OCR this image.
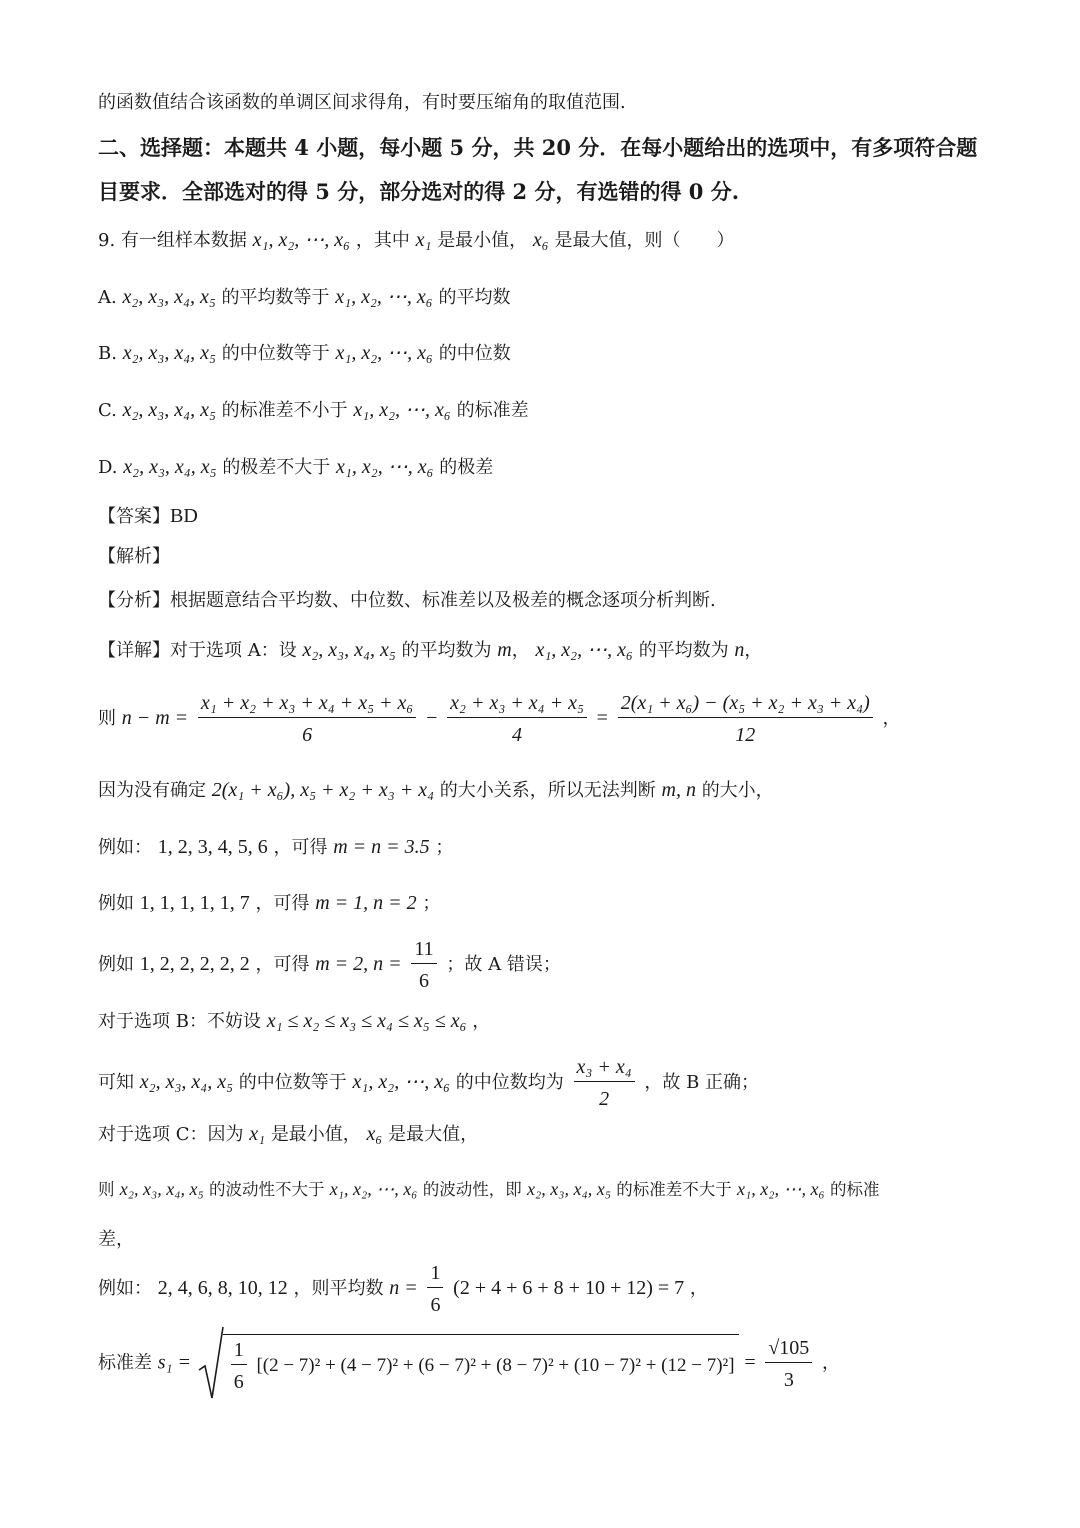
的函数值结合该函数的单调区间求得角，有时要压缩角的取值范围.
二、选择题：本题共 4 小题，每小题 5 分，共 20 分．在每小题给出的选项中，有多项符合题
目要求．全部选对的得 5 分，部分选对的得 2 分，有选错的得 0 分.
9. 有一组样本数据 x₁, x₂, ⋯, x₆ ，其中 x₁ 是最小值， x₆ 是最大值，则（　　）
A. x₂, x₃, x₄, x₅ 的平均数等于 x₁, x₂, ⋯, x₆ 的平均数
B. x₂, x₃, x₄, x₅ 的中位数等于 x₁, x₂, ⋯, x₆ 的中位数
C. x₂, x₃, x₄, x₅ 的标准差不小于 x₁, x₂, ⋯, x₆ 的标准差
D. x₂, x₃, x₄, x₅ 的极差不大于 x₁, x₂, ⋯, x₆ 的极差
【答案】BD
【解析】
【分析】根据题意结合平均数、中位数、标准差以及极差的概念逐项分析判断.
【详解】对于选项 A：设 x₂, x₃, x₄, x₅ 的平均数为 m， x₁, x₂, ⋯, x₆ 的平均数为 n，
则 $n - m = \frac{\text{x₁ + x₂ + x₃ + x₄ + x₅ + x₆}}{6} - \frac{\text{x₂ + x₃ + x₄ + x₅}}{4} = \frac{\text{2(x₁ + x₆) − (x₅ + x₂ + x₃ + x₄)}}{12}$ ，
因为没有确定 2(x₁ + x₆), x₅ + x₂ + x₃ + x₄ 的大小关系，所以无法判断 m, n 的大小，
例如： 1, 2, 3, 4, 5, 6 ，可得 m = n = 3.5 ；
例如 1, 1, 1, 1, 1, 7 ，可得 m = 1, n = 2 ；
例如 1, 2, 2, 2, 2, 2 ，可得 m = 2, $n = \frac{11}{6}$ ；故 A 错误；
对于选项 B：不妨设 x₁ ≤ x₂ ≤ x₃ ≤ x₄ ≤ x₅ ≤ x₆ ，
可知 x₂, x₃, x₄, x₅ 的中位数等于 x₁, x₂, ⋯, x₆ 的中位数均为 $\frac{\text{x₃ + x₄}}{2}$ ，故 B 正确；
对于选项 C：因为 x₁ 是最小值， x₆ 是最大值，
则 x₂, x₃, x₄, x₅ 的波动性不大于 x₁, x₂, ⋯, x₆ 的波动性，即 x₂, x₃, x₄, x₅ 的标准差不大于 x₁, x₂, ⋯, x₆ 的标准
差，
例如： 2, 4, 6, 8, 10, 12 ，则平均数 $n = \frac{1}{6} (2 + 4 + 6 + 8 + 10 + 12) = 7$ ，
标准差 $s_1 = \frac{1}{6} [(2 - 7)^2 + (4 - 7)^2 + (6 - 7)^2 + (8 - 7)^2 + (10 - 7)^2 + (12 - 7)^2] = \frac{√105}{3}$ ，
